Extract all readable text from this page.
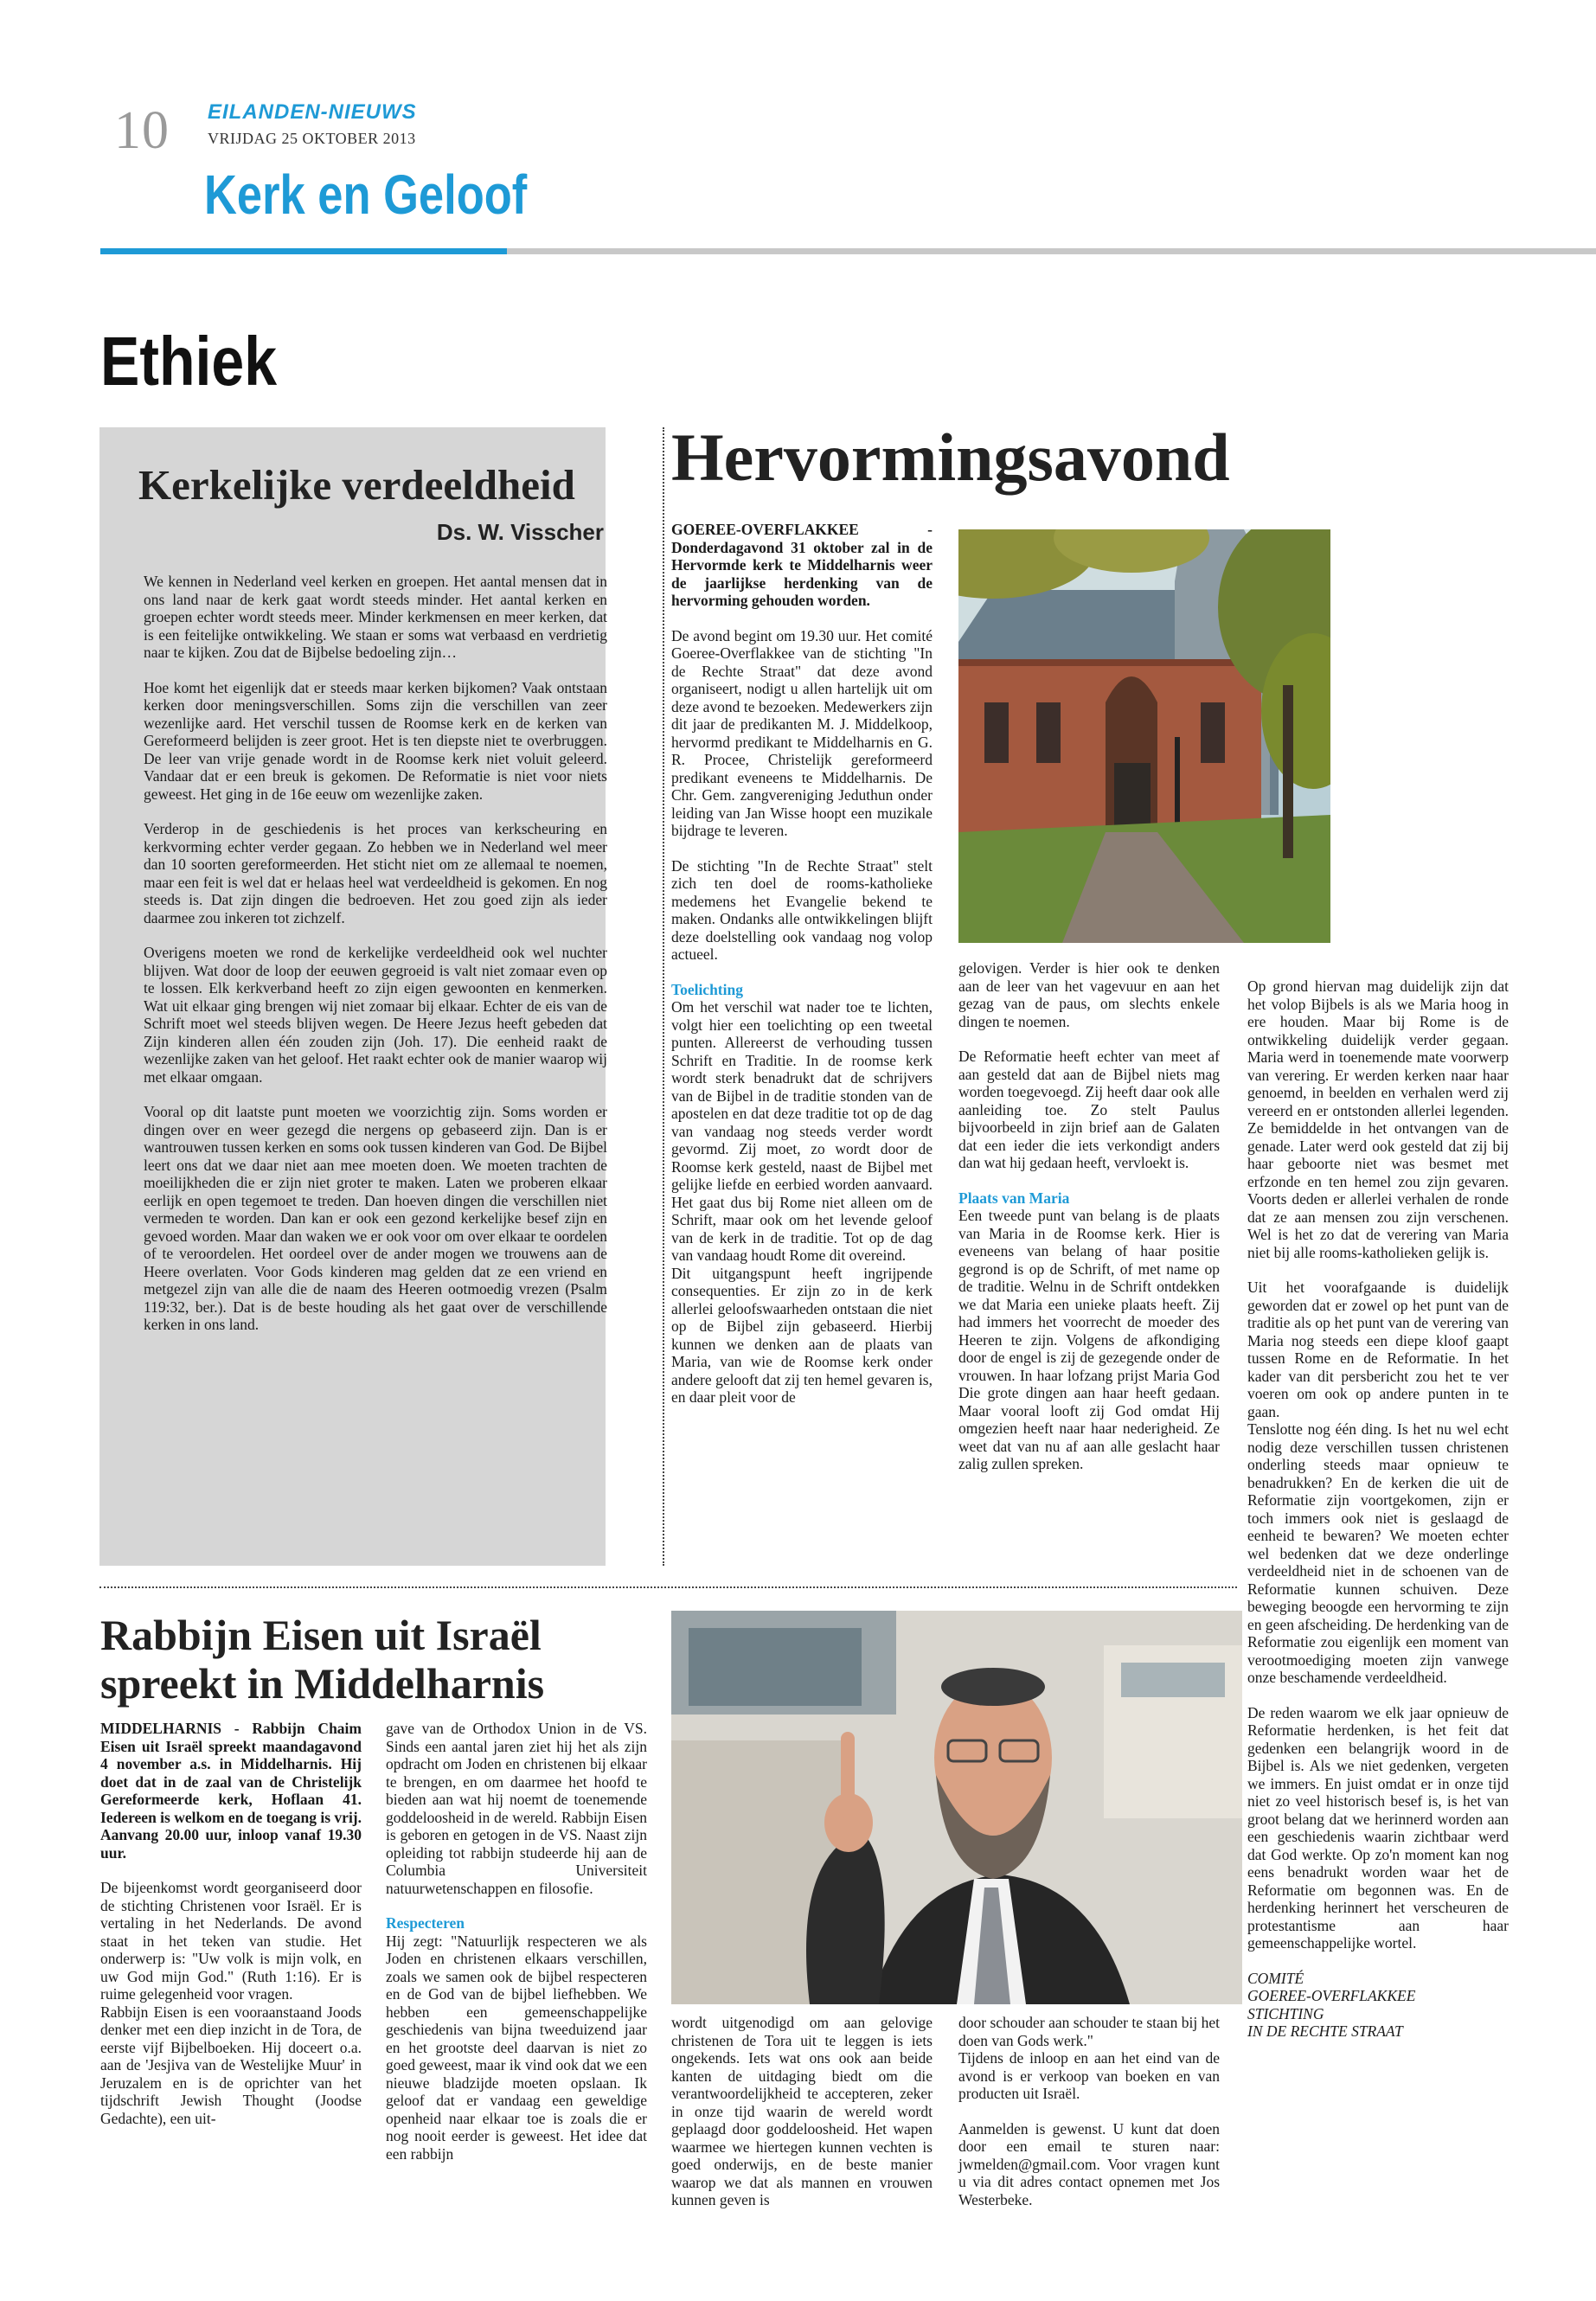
10 EILANDEN-NIEUWS
VRIJDAG 25 OKTOBER 2013
Kerk en Geloof
Ethiek
Kerkelijke verdeeldheid
Ds. W. Visscher

We kennen in Nederland veel kerken en groepen. Het aantal mensen dat in ons land naar de kerk gaat wordt steeds minder. Het aantal kerken en groepen echter wordt steeds meer. Minder kerkmensen en meer kerken, dat is een feitelijke ontwikkeling. We staan er soms wat verbaasd en verdrietig naar te kijken. Zou dat de Bijbelse bedoeling zijn…

Hoe komt het eigenlijk dat er steeds maar kerken bijkomen? Vaak ontstaan kerken door meningsverschillen. Soms zijn die verschillen van zeer wezenlijke aard. Het verschil tussen de Roomse kerk en de kerken van Gereformeerd belijden is zeer groot. Het is ten diepste niet te overbruggen. De leer van vrije genade wordt in de Roomse kerk niet voluit geleerd. Vandaar dat er een breuk is gekomen. De Reformatie is niet voor niets geweest. Het ging in de 16e eeuw om wezenlijke zaken.

Verderop in de geschiedenis is het proces van kerkscheuring en kerkvorming echter verder gegaan. Zo hebben we in Nederland wel meer dan 10 soorten gereformeerden. Het sticht niet om ze allemaal te noemen, maar een feit is wel dat er helaas heel wat verdeeldheid is gekomen. En nog steeds is. Dat zijn dingen die bedroeven. Het zou goed zijn als ieder daarmee zou inkeren tot zichzelf.

Overigens moeten we rond de kerkelijke verdeeldheid ook wel nuchter blijven. Wat door de loop der eeuwen gegroeid is valt niet zomaar even op te lossen. Elk kerkverband heeft zo zijn eigen gewoonten en kenmerken. Wat uit elkaar ging brengen wij niet zomaar bij elkaar. Echter de eis van de Schrift moet wel steeds blijven wegen. De Heere Jezus heeft gebeden dat Zijn kinderen allen één zouden zijn (Joh. 17). Die eenheid raakt de wezenlijke zaken van het geloof. Het raakt echter ook de manier waarop wij met elkaar omgaan.

Vooral op dit laatste punt moeten we voorzichtig zijn. Soms worden er dingen over en weer gezegd die nergens op gebaseerd zijn. Dan is er wantrouwen tussen kerken en soms ook tussen kinderen van God. De Bijbel leert ons dat we daar niet aan mee moeten doen. We moeten trachten de moeilijkheden die er zijn niet groter te maken. Laten we proberen elkaar eerlijk en open tegemoet te treden. Dan hoeven dingen die verschillen niet vermeden te worden. Dan kan er ook een gezond kerkelijke besef zijn en gevoed worden. Maar dan waken we er ook voor om over elkaar te oordelen of te veroordelen. Het oordeel over de ander mogen we trouwens aan de Heere overlaten. Voor Gods kinderen mag gelden dat ze een vriend en metgezel zijn van alle die de naam des Heeren ootmoedig vrezen (Psalm 119:32, ber.). Dat is de beste houding als het gaat over de verschillende kerken in ons land.

Hervormingsavond

GOEREE-OVERFLAKKEE - Donderdagavond 31 oktober zal in de Hervormde kerk te Middelharnis weer de jaarlijkse herdenking van de hervorming gehouden worden.

De avond begint om 19.30 uur. Het comité Goeree-Overflakkee van de stichting "In de Rechte Straat" dat deze avond organiseert, nodigt u allen hartelijk uit om deze avond te bezoeken. Medewerkers zijn dit jaar de predikanten M. J. Middelkoop, hervormd predikant te Middelharnis en G. R. Procee, Christelijk gereformeerd predikant eveneens te Middelharnis. De Chr. Gem. zangvereniging Jeduthun onder leiding van Jan Wisse hoopt een muzikale bijdrage te leveren.

De stichting "In de Rechte Straat" stelt zich ten doel de rooms-katholieke medemens het Evangelie bekend te maken. Ondanks alle ontwikkelingen blijft deze doelstelling ook vandaag nog volop actueel.

Toelichting

Om het verschil wat nader toe te lichten, volgt hier een toelichting op een tweetal punten. Allereerst de verhouding tussen Schrift en Traditie. In de roomse kerk wordt sterk benadrukt dat de schrijvers van de Bijbel in de traditie stonden van de apostelen en dat deze traditie tot op de dag van vandaag nog steeds verder wordt gevormd. Zij moet, zo wordt door de Roomse kerk gesteld, naast de Bijbel met gelijke liefde en eerbied worden aanvaard. Het gaat dus bij Rome niet alleen om de Schrift, maar ook om het levende geloof van de kerk in de traditie. Tot op de dag van vandaag houdt Rome dit overeind.

Dit uitgangspunt heeft ingrijpende consequenties. Er zijn zo in de kerk allerlei geloofswaarheden ontstaan die niet op de Bijbel zijn gebaseerd. Hierbij kunnen we denken aan de plaats van Maria, van wie de Roomse kerk onder andere gelooft dat zij ten hemel gevaren is, en daar pleit voor de

gelovigen. Verder is hier ook te denken aan de leer van het vagevuur en aan het gezag van de paus, om slechts enkele dingen te noemen.

De Reformatie heeft echter van meet af aan gesteld dat aan de Bijbel niets mag worden toegevoegd. Zij heeft daar ook alle aanleiding toe. Zo stelt Paulus bijvoorbeeld in zijn brief aan de Galaten dat een ieder die iets verkondigt anders dan wat hij gedaan heeft, vervloekt is.

Plaats van Maria

Een tweede punt van belang is de plaats van Maria in de Roomse kerk. Hier is eveneens van belang of haar positie gegrond is op de Schrift, of met name op de traditie. Welnu in de Schrift ontdekken we dat Maria een unieke plaats heeft. Zij had immers het voorrecht de moeder des Heeren te zijn. Volgens de afkondiging door de engel is zij de gezegende onder de vrouwen. In haar lofzang prijst Maria God Die grote dingen aan haar heeft gedaan. Maar vooral looft zij God omdat Hij omgezien heeft naar haar nederigheid. Ze weet dat van nu af aan alle geslacht haar zalig zullen spreken.

Op grond hiervan mag duidelijk zijn dat het volop Bijbels is als we Maria hoog in ere houden. Maar bij Rome is de ontwikkeling duidelijk verder gegaan. Maria werd in toenemende mate voorwerp van verering. Er werden kerken naar haar genoemd, in beelden en verhalen werd zij vereerd en er ontstonden allerlei legenden. Ze bemiddelde in het ontvangen van de genade. Later werd ook gesteld dat zij bij haar geboorte niet was besmet met erfzonde en ten hemel zou zijn gevaren. Voorts deden er allerlei verhalen de ronde dat ze aan mensen zou zijn verschenen. Wel is het zo dat de verering van Maria niet bij alle rooms-katholieken gelijk is.

Uit het voorafgaande is duidelijk geworden dat er zowel op het punt van de traditie als op het punt van de verering van Maria nog steeds een diepe kloof gaapt tussen Rome en de Reformatie. In het kader van dit persbericht zou het te ver voeren om ook op andere punten in te gaan.

Tenslotte nog één ding. Is het nu wel echt nodig deze verschillen tussen christenen onderling steeds maar opnieuw te benadrukken? En de kerken die uit de Reformatie zijn voortgekomen, zijn er toch immers ook niet is geslaagd de eenheid te bewaren? We moeten echter wel bedenken dat we deze onderlinge verdeeldheid niet in de schoenen van de Reformatie kunnen schuiven. Deze beweging beoogde een hervorming te zijn en geen afscheiding. De herdenking van de Reformatie zou eigenlijk een moment van verootmoediging moeten zijn vanwege onze beschamende verdeeldheid.

De reden waarom we elk jaar opnieuw de Reformatie herdenken, is het feit dat gedenken een belangrijk woord in de Bijbel is. Als we niet gedenken, vergeten we immers. En juist omdat er in onze tijd niet zo veel historisch besef is, is het van groot belang dat we herinnerd worden aan een geschiedenis waarin zichtbaar werd dat God werkte. Op zo'n moment kan nog eens benadrukt worden waar het de Reformatie om begonnen was. En de herdenking herinnert het verscheuren de protestantisme aan haar gemeenschappelijke wortel.

COMITÉ
GOEREE-OVERFLAKKEE
STICHTING
IN DE RECHTE STRAAT
Rabbijn Eisen uit Israël spreekt in Middelharnis

MIDDELHARNIS - Rabbijn Chaim Eisen uit Israël spreekt maandagavond 4 november a.s. in Middelharnis. Hij doet dat in de zaal van de Christelijk Gereformeerde kerk, Hoflaan 41. Iedereen is welkom en de toegang is vrij. Aanvang 20.00 uur, inloop vanaf 19.30 uur.

De bijeenkomst wordt georganiseerd door de stichting Christenen voor Israël. Er is vertaling in het Nederlands. De avond staat in het teken van studie. Het onderwerp is: "Uw volk is mijn volk, en uw God mijn God." (Ruth 1:16). Er is ruime gelegenheid voor vragen.

Rabbijn Eisen is een vooraanstaand Joods denker met een diep inzicht in de Tora, de eerste vijf Bijbelboeken. Hij doceert o.a. aan de 'Jesjiva van de Westelijke Muur' in Jeruzalem en is de oprichter van het tijdschrift Jewish Thought (Joodse Gedachte), een uit-

gave van de Orthodox Union in de VS. Sinds een aantal jaren ziet hij het als zijn opdracht om Joden en christenen bij elkaar te brengen, en om daarmee het hoofd te bieden aan wat hij noemt de toenemende goddeloosheid in de wereld. Rabbijn Eisen is geboren en getogen in de VS. Naast zijn opleiding tot rabbijn studeerde hij aan de Columbia Universiteit natuurwetenschappen en filosofie.

Respecteren

Hij zegt: "Natuurlijk respecteren we als Joden en christenen elkaars verschillen, zoals we samen ook de bijbel respecteren en de God van de bijbel liefhebben. We hebben een gemeenschappelijke geschiedenis van bijna tweeduizend jaar en het grootste deel daarvan is niet zo goed geweest, maar ik vind ook dat we een nieuwe bladzijde moeten opslaan. Ik geloof dat er vandaag een geweldige openheid naar elkaar toe is zoals die er nog nooit eerder is geweest. Het idee dat een rabbijn

wordt uitgenodigd om aan gelovige christenen de Tora uit te leggen is iets ongekends. Iets wat ons ook aan beide kanten de uitdaging biedt om die verantwoordelijkheid te accepteren, zeker in onze tijd waarin de wereld wordt geplaagd door goddeloosheid. Het wapen waarmee we hiertegen kunnen vechten is goed onderwijs, en de beste manier waarop we dat als mannen en vrouwen kunnen geven is

door schouder aan schouder te staan bij het doen van Gods werk."

Tijdens de inloop en aan het eind van de avond is er verkoop van boeken en van producten uit Israël.

Aanmelden is gewenst. U kunt dat doen door een email te sturen naar: jwmelden@gmail.com. Voor vragen kunt u via dit adres contact opnemen met Jos Westerbeke.
